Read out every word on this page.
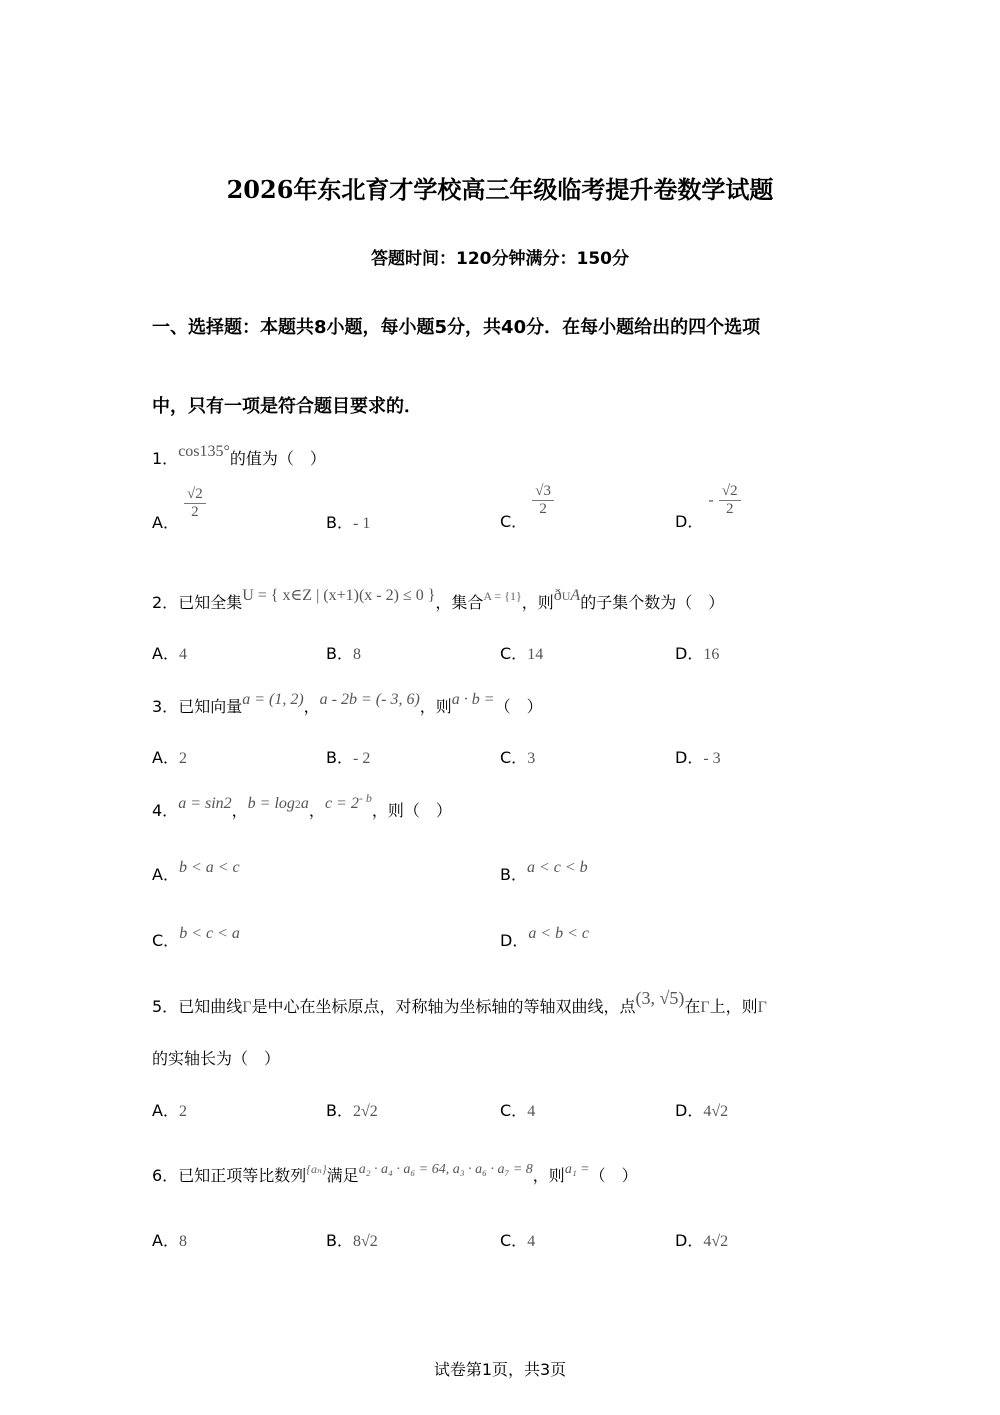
2026年东北育才学校高三年级临考提升卷数学试题
答题时间：120分钟满分：150分
一、选择题：本题共8小题，每小题5分，共40分．在每小题给出的四个选项
中，只有一项是符合题目要求的．
1．cos135°的值为（　）
A．
$\frac{√2}{2}$
B．- 1	C．
$\frac{√3}{2}$
D． - $\frac{√2}{2}$
2．已知全集U = { x∈Z | (x+1)(x - 2) ≤ 0 }，集合$^{A = \{1\}}$，则$ð^UA$的子集个数为（　）
A．4	B．8	C．14	D．16
3．已知向量a = (1, 2)，a - 2b = (- 3, 6)，则a · b =（　）
A．2	B．- 2	C．3	D．- 3
4．a = sin2，$b = \log^2a$，$c = 2^{- b}$，则（　）
A．b < a < c	B．a < c < b
C．b < c < a	D．a < b < c
5．已知曲线Γ是中心在坐标原点，对称轴为坐标轴的等轴双曲线，点(3, √5)在Γ上，则Γ
的实轴长为（　）
A．2	B．2√2	C．4	D．4√2
6．已知正项等比数列$^{\{a_n\}}$满足a₂ · a₄ · a₆ = 64, a₃ · a₆ · a₇ = 8，则a₁ =（　）
A．8	B．8√2	C．4	D．4√2
试卷第1页，共3页
